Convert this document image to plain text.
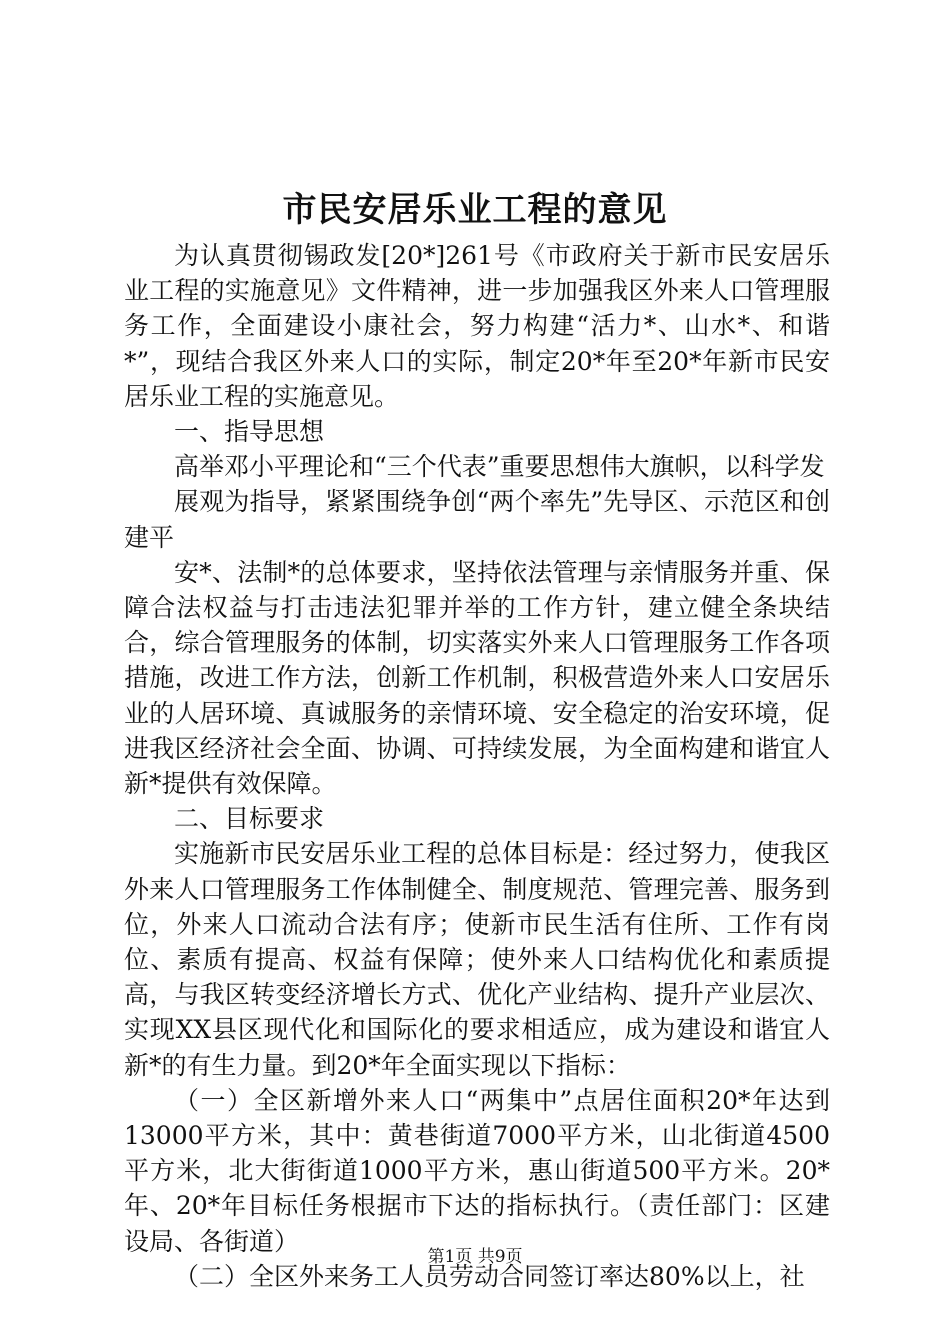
市民安居乐业工程的意见

为认真贯彻锡政发[20*]261号《市政府关于新市民安居乐业工程的实施意见》文件精神，进一步加强我区外来人口管理服务工作，全面建设小康社会，努力构建“活力*、山水*、和谐*”，现结合我区外来人口的实际，制定20*年至20*年新市民安居乐业工程的实施意见。

一、指导思想

高举邓小平理论和“三个代表”重要思想伟大旗帜，以科学发

展观为指导，紧紧围绕争创“两个率先”先导区、示范区和创建平

安*、法制*的总体要求，坚持依法管理与亲情服务并重、保障合法权益与打击违法犯罪并举的工作方针，建立健全条块结合，综合管理服务的体制，切实落实外来人口管理服务工作各项措施，改进工作方法，创新工作机制，积极营造外来人口安居乐业的人居环境、真诚服务的亲情环境、安全稳定的治安环境，促进我区经济社会全面、协调、可持续发展，为全面构建和谐宜人新*提供有效保障。

二、目标要求

实施新市民安居乐业工程的总体目标是：经过努力，使我区外来人口管理服务工作体制健全、制度规范、管理完善、服务到位，外来人口流动合法有序；使新市民生活有住所、工作有岗位、素质有提高、权益有保障；使外来人口结构优化和素质提高，与我区转变经济增长方式、优化产业结构、提升产业层次、实现XX县区现代化和国际化的要求相适应，成为建设和谐宜人新*的有生力量。到20*年全面实现以下指标：

（一）全区新增外来人口“两集中”点居住面积20*年达到13000平方米，其中：黄巷街道7000平方米，山北街道4500平方米，北大街街道1000平方米，惠山街道500平方米。20*年、20*年目标任务根据市下达的指标执行。（责任部门：区建设局、各街道）

（二）全区外来务工人员劳动合同签订率达80%以上，社

第1页 共9页
